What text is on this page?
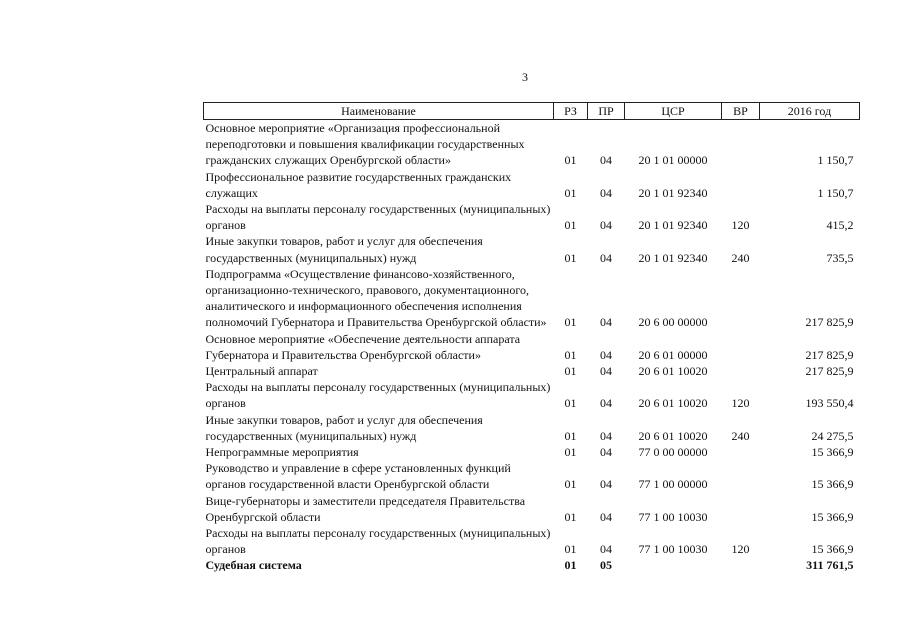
3
Наименование	РЗ	ПР	ЦСР	ВР	2016 год
Основное мероприятие «Организация профессиональной переподготовки и повышения квалификации государственных гражданских служащих Оренбургской области»	01	04	20 1 01 00000		1 150,7
Профессиональное развитие государственных гражданских служащих	01	04	20 1 01 92340		1 150,7
Расходы на выплаты персоналу государственных (муниципальных) органов	01	04	20 1 01 92340	120	415,2
Иные закупки товаров, работ и услуг для обеспечения государственных (муниципальных) нужд	01	04	20 1 01 92340	240	735,5
Подпрограмма «Осуществление финансово-хозяйственного, организационно-технического, правового, документационного, аналитического и информационного обеспечения исполнения полномочий Губернатора и Правительства Оренбургской области»	01	04	20 6 00 00000		217 825,9
Основное мероприятие «Обеспечение деятельности аппарата Губернатора и Правительства Оренбургской области»	01	04	20 6 01 00000		217 825,9
Центральный аппарат	01	04	20 6 01 10020		217 825,9
Расходы на выплаты персоналу государственных (муниципальных) органов	01	04	20 6 01 10020	120	193 550,4
Иные закупки товаров, работ и услуг для обеспечения государственных (муниципальных) нужд	01	04	20 6 01 10020	240	24 275,5
Непрограммные мероприятия	01	04	77 0 00 00000		15 366,9
Руководство и управление в сфере установленных функций органов государственной власти Оренбургской области	01	04	77 1 00 00000		15 366,9
Вице-губернаторы и заместители председателя Правительства Оренбургской области	01	04	77 1 00 10030		15 366,9
Расходы на выплаты персоналу государственных (муниципальных) органов	01	04	77 1 00 10030	120	15 366,9
Судебная система	01	05			311 761,5
